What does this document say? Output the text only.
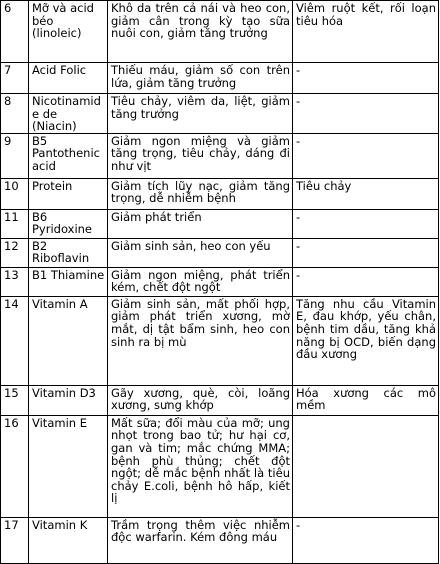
6	Mỡ và acid béo (linoleic)	Khô da trên cả nái và heo con, giảm cân trong kỳ tạo sữa nuôi con, giảm tăng trưởng	Viêm ruột kết, rối loạn tiêu hóa
7	Acid Folic	Thiếu máu, giảm số con trên lứa, giảm tăng trưởng	-
8	Nicotinamide de (Niacin)	Tiêu chảy, viêm da, liệt, giảm tăng trưởng	-
9	B5 Pantothenic acid	Giảm ngon miệng và giảm tăng trọng, tiêu chảy, dáng đi như vịt	-
10	Protein	Giảm tích lũy nạc, giảm tăng trọng, dễ nhiễm bệnh	Tiêu chảy
11	B6 Pyridoxine	Giảm phát triển	-
12	B2 Riboflavin	Giảm sinh sản, heo con yếu	-
13	B1 Thiamine	Giảm ngon miệng, phát triển kém, chết đột ngột	-
14	Vitamin A	Giảm sinh sản, mất phối hợp, giảm phát triển xương, mờ mắt, dị tật bẩm sinh, heo con sinh ra bị mù	Tăng nhu cầu Vitamin E, đau khớp, yếu chân, bệnh tim dầu, tăng khả năng bị OCD, biến dạng đầu xương
15	Vitamin D3	Gãy xương, què, còi, loãng xương, sưng khớp	Hóa xương các mô mềm
16	Vitamin E	Mất sữa; đổi màu của mỡ; ung nhọt trong bao tử; hư hại cơ, gan và tim; mắc chứng MMA; bệnh phù thủng; chết đột ngột; dễ mắc bệnh nhất là tiêu chảy E.coli, bệnh hô hấp, kiết lị	
17	Vitamin K	Trầm trọng thêm việc nhiễm độc warfarin. Kém đông máu	-
